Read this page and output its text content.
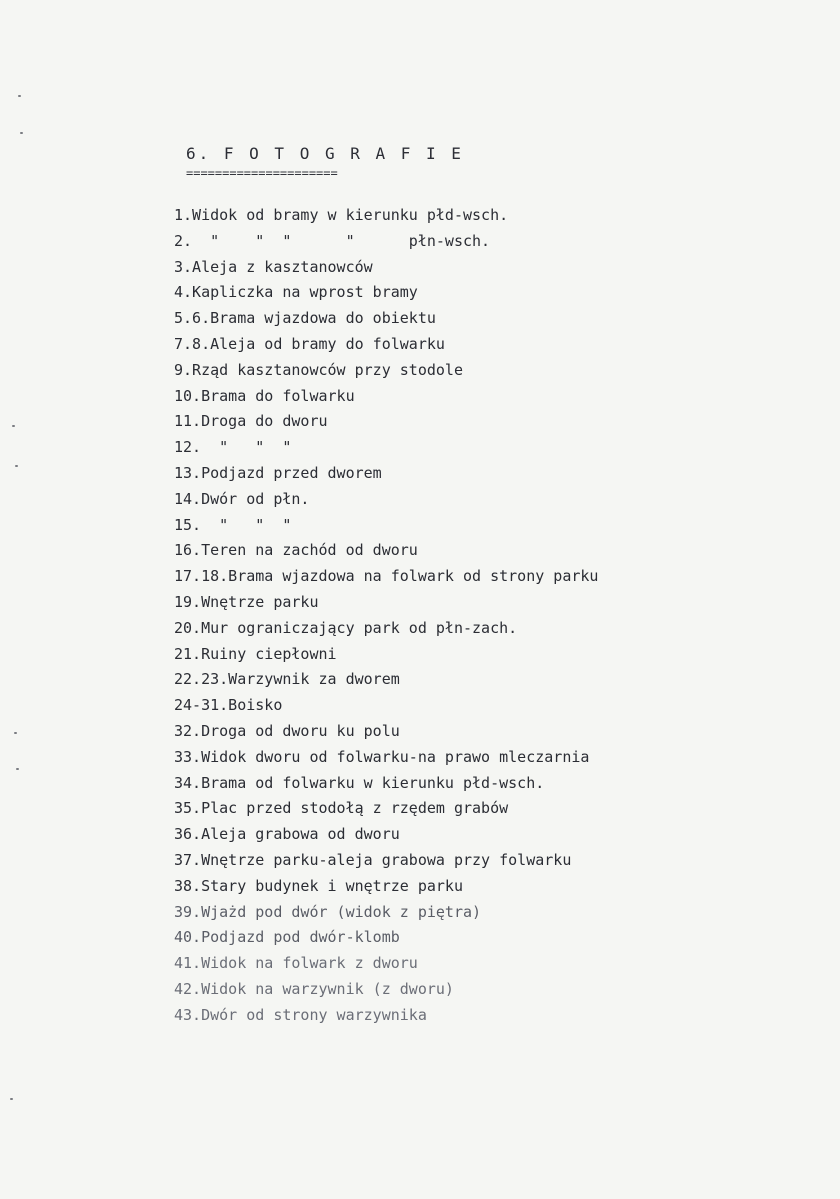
6. F O T O G R A F I E
=====================
1.Widok od bramy w kierunku płd-wsch.
2.  "    "  "      "      płn-wsch.
3.Aleja z kasztanowców
4.Kapliczka na wprost bramy
5.6.Brama wjazdowa do obiektu
7.8.Aleja od bramy do folwarku
9.Rząd kasztanowców przy stodole
10.Brama do folwarku
11.Droga do dworu
12.  "   "  "
13.Podjazd przed dworem
14.Dwór od płn.
15.  "   "  "
16.Teren na zachód od dworu
17.18.Brama wjazdowa na folwark od strony parku
19.Wnętrze parku
20.Mur ograniczający park od płn-zach.
21.Ruiny ciepłowni
22.23.Warzywnik za dworem
24-31.Boisko
32.Droga od dworu ku polu
33.Widok dworu od folwarku-na prawo mleczarnia
34.Brama od folwarku w kierunku płd-wsch.
35.Plac przed stodołą z rzędem grabów
36.Aleja grabowa od dworu
37.Wnętrze parku-aleja grabowa przy folwarku
38.Stary budynek i wnętrze parku
39.Wjażd pod dwór (widok z piętra)
40.Podjazd pod dwór-klomb
41.Widok na folwark z dworu
42.Widok na warzywnik (z dworu)
43.Dwór od strony warzywnika
